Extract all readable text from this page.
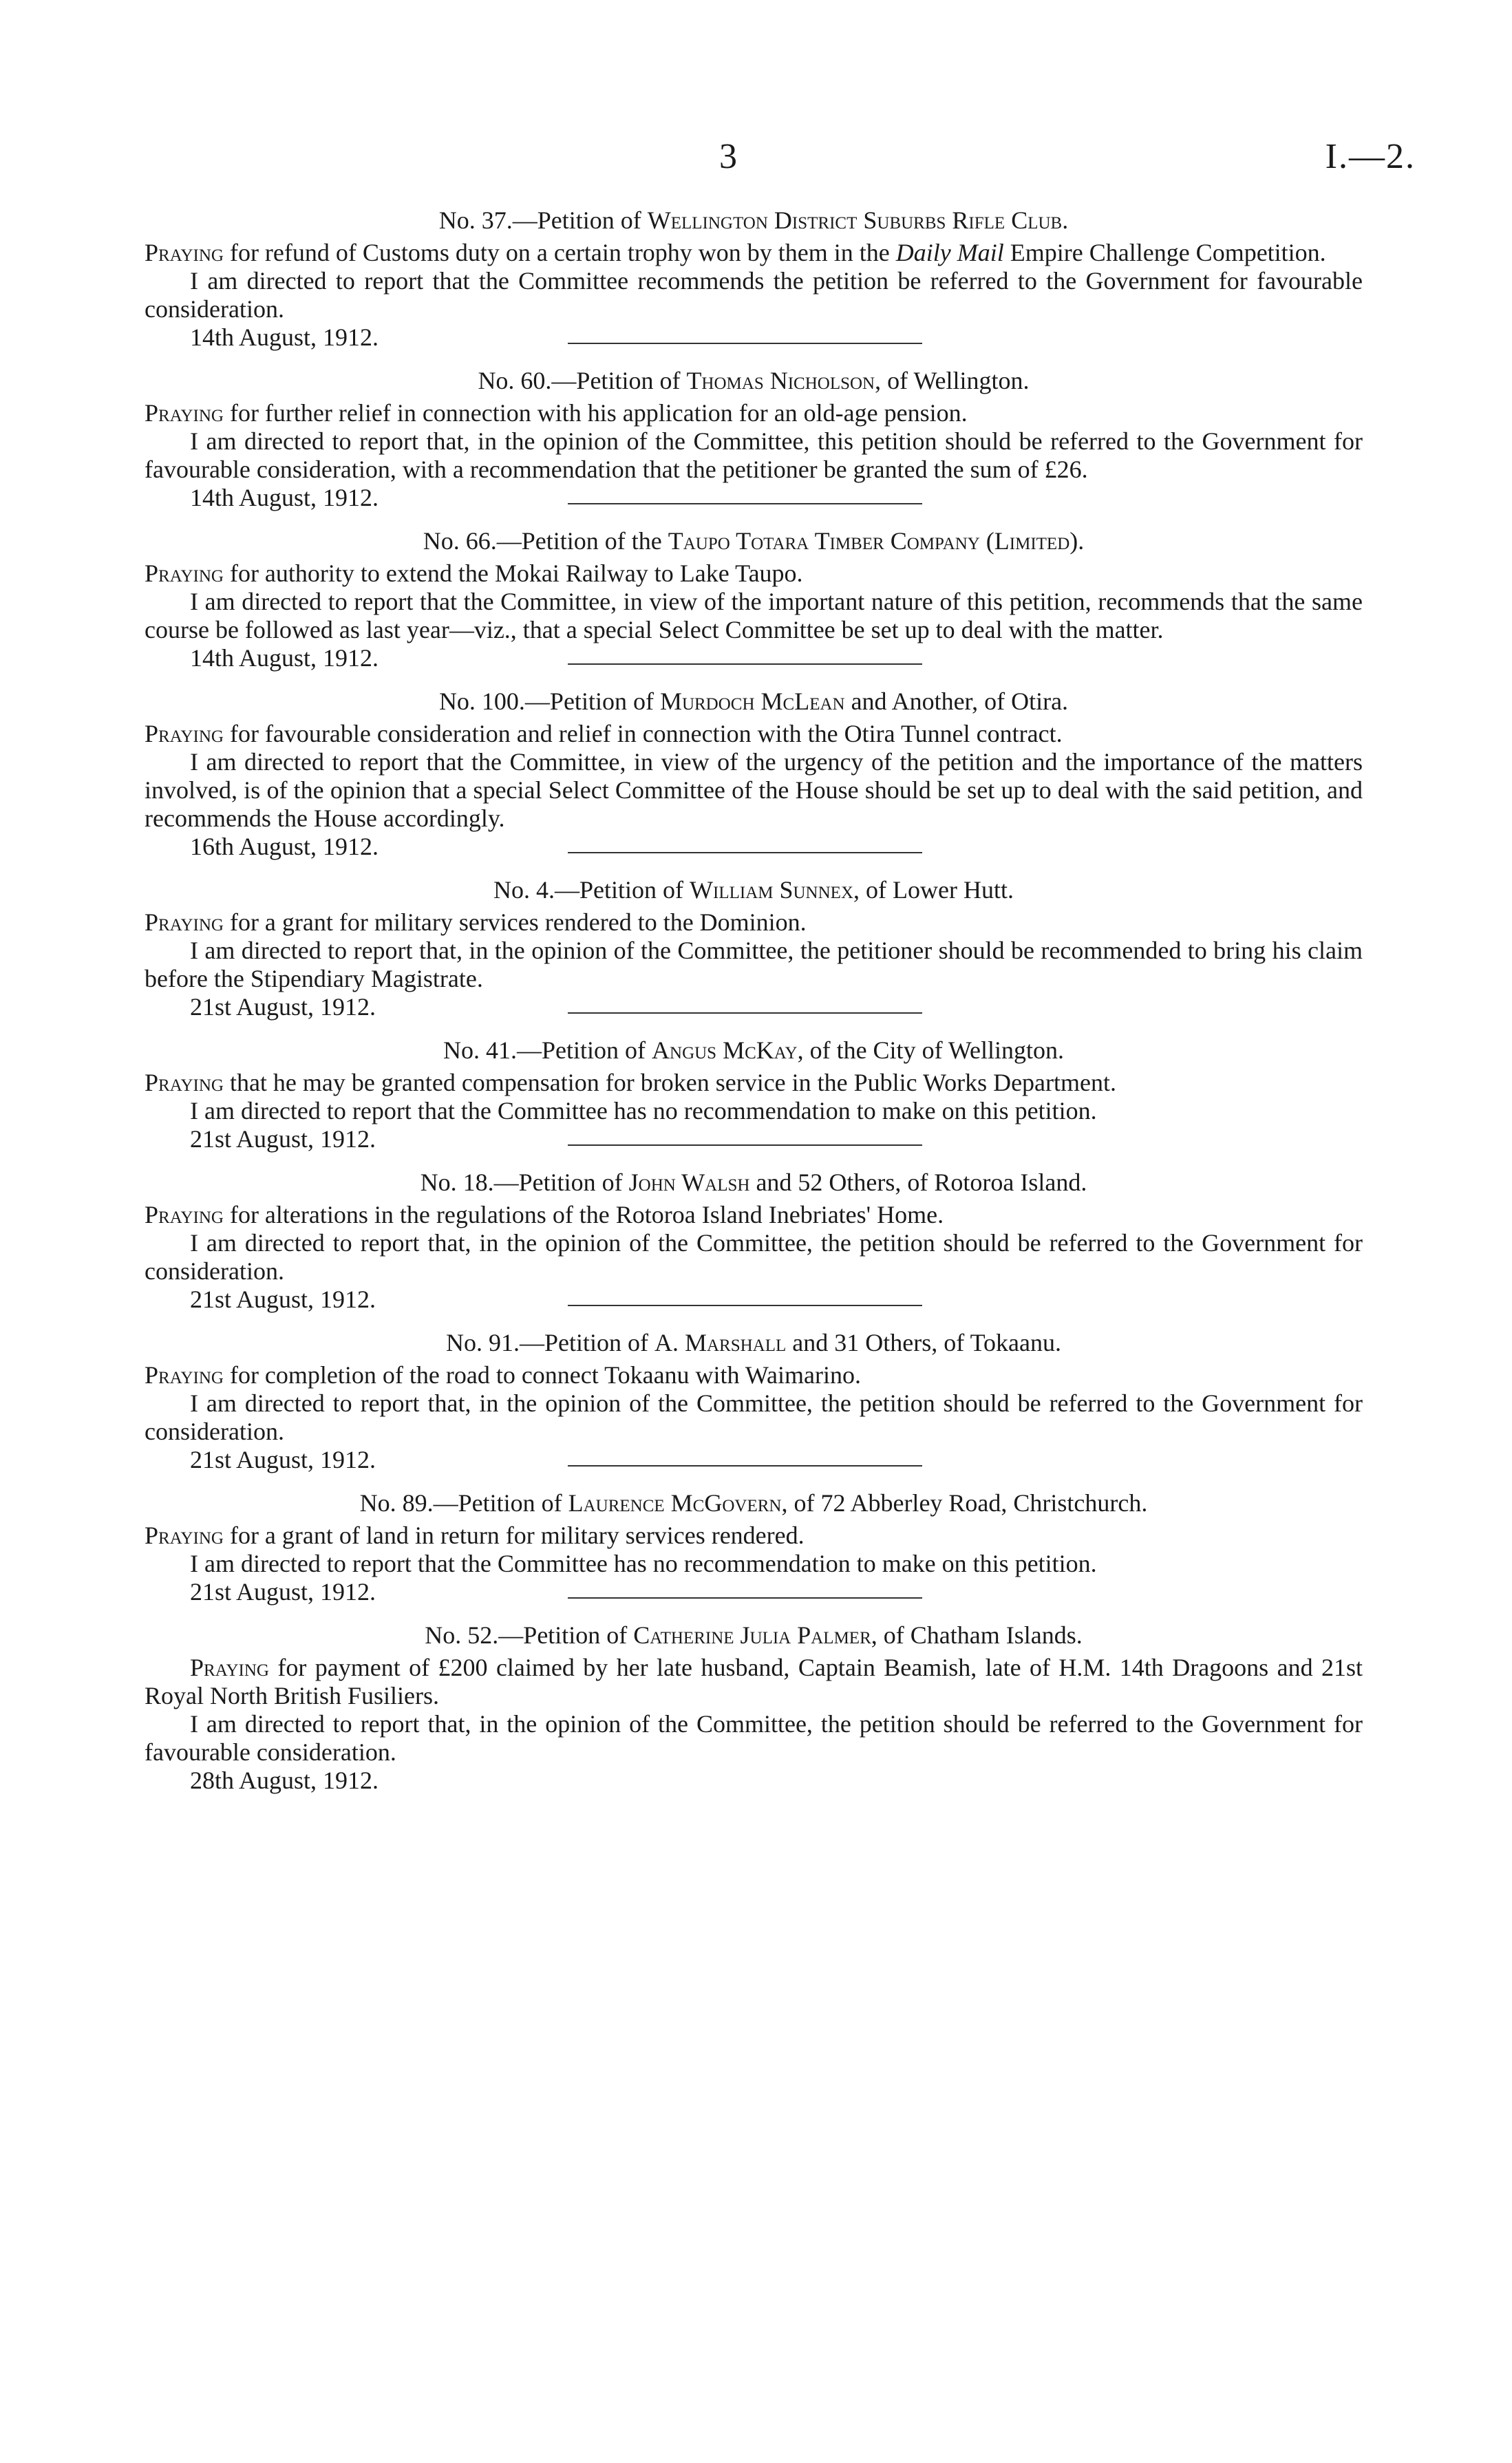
3	I.—2.
No. 37.—Petition of Wellington District Suburbs Rifle Club.

Praying for refund of Customs duty on a certain trophy won by them in the Daily Mail Empire Challenge Competition.

I am directed to report that the Committee recommends the petition be referred to the Government for favourable consideration.

14th August, 1912.
No. 60.—Petition of Thomas Nicholson, of Wellington.

Praying for further relief in connection with his application for an old-age pension.

I am directed to report that, in the opinion of the Committee, this petition should be referred to the Government for favourable consideration, with a recommendation that the petitioner be granted the sum of £26.

14th August, 1912.
No. 66.—Petition of the Taupo Totara Timber Company (Limited).

Praying for authority to extend the Mokai Railway to Lake Taupo.

I am directed to report that the Committee, in view of the important nature of this petition, recommends that the same course be followed as last year—viz., that a special Select Committee be set up to deal with the matter.

14th August, 1912.
No. 100.—Petition of Murdoch McLean and Another, of Otira.

Praying for favourable consideration and relief in connection with the Otira Tunnel contract.

I am directed to report that the Committee, in view of the urgency of the petition and the importance of the matters involved, is of the opinion that a special Select Committee of the House should be set up to deal with the said petition, and recommends the House accordingly.

16th August, 1912.
No. 4.—Petition of William Sunnex, of Lower Hutt.

Praying for a grant for military services rendered to the Dominion.

I am directed to report that, in the opinion of the Committee, the petitioner should be recommended to bring his claim before the Stipendiary Magistrate.

21st August, 1912.
No. 41.—Petition of Angus McKay, of the City of Wellington.

Praying that he may be granted compensation for broken service in the Public Works Department.

I am directed to report that the Committee has no recommendation to make on this petition.

21st August, 1912.
No. 18.—Petition of John Walsh and 52 Others, of Rotoroa Island.

Praying for alterations in the regulations of the Rotoroa Island Inebriates' Home.

I am directed to report that, in the opinion of the Committee, the petition should be referred to the Government for consideration.

21st August, 1912.
No. 91.—Petition of A. Marshall and 31 Others, of Tokaanu.

Praying for completion of the road to connect Tokaanu with Waimarino.

I am directed to report that, in the opinion of the Committee, the petition should be referred to the Government for consideration.

21st August, 1912.
No. 89.—Petition of Laurence McGovern, of 72 Abberley Road, Christchurch.

Praying for a grant of land in return for military services rendered.

I am directed to report that the Committee has no recommendation to make on this petition.

21st August, 1912.
No. 52.—Petition of Catherine Julia Palmer, of Chatham Islands.

Praying for payment of £200 claimed by her late husband, Captain Beamish, late of H.M. 14th Dragoons and 21st Royal North British Fusiliers.

I am directed to report that, in the opinion of the Committee, the petition should be referred to the Government for favourable consideration.

28th August, 1912.
